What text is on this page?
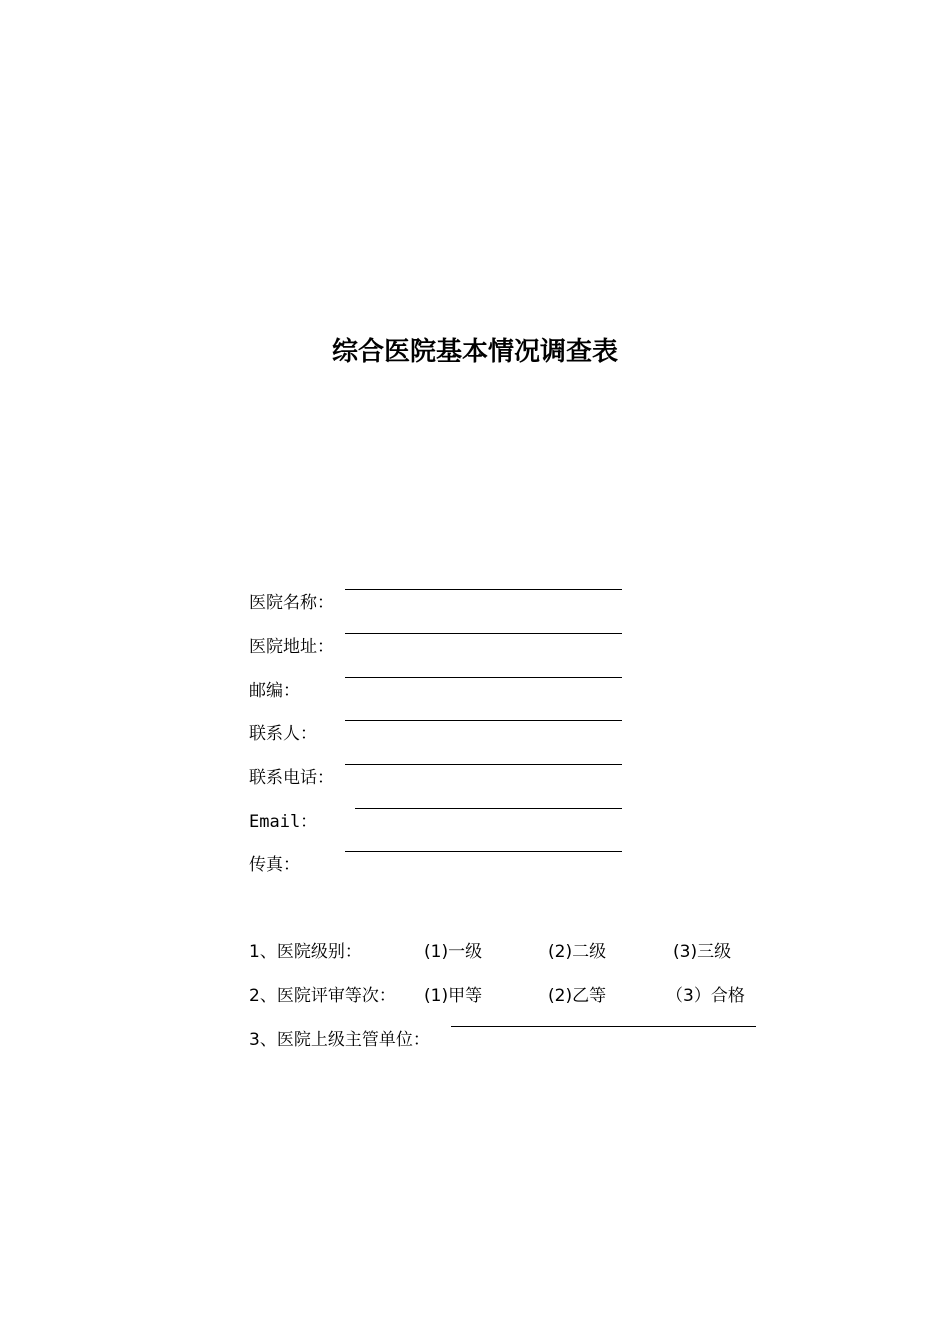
综合医院基本情况调查表
医院名称：
医院地址：
邮编：
联系人：
联系电话：
Email：
传真：
1、医院级别：	(1)一级	(2)二级	(3)三级
2、医院评审等次： (1)甲等	(2)乙等	（3）合格
3、医院上级主管单位：
